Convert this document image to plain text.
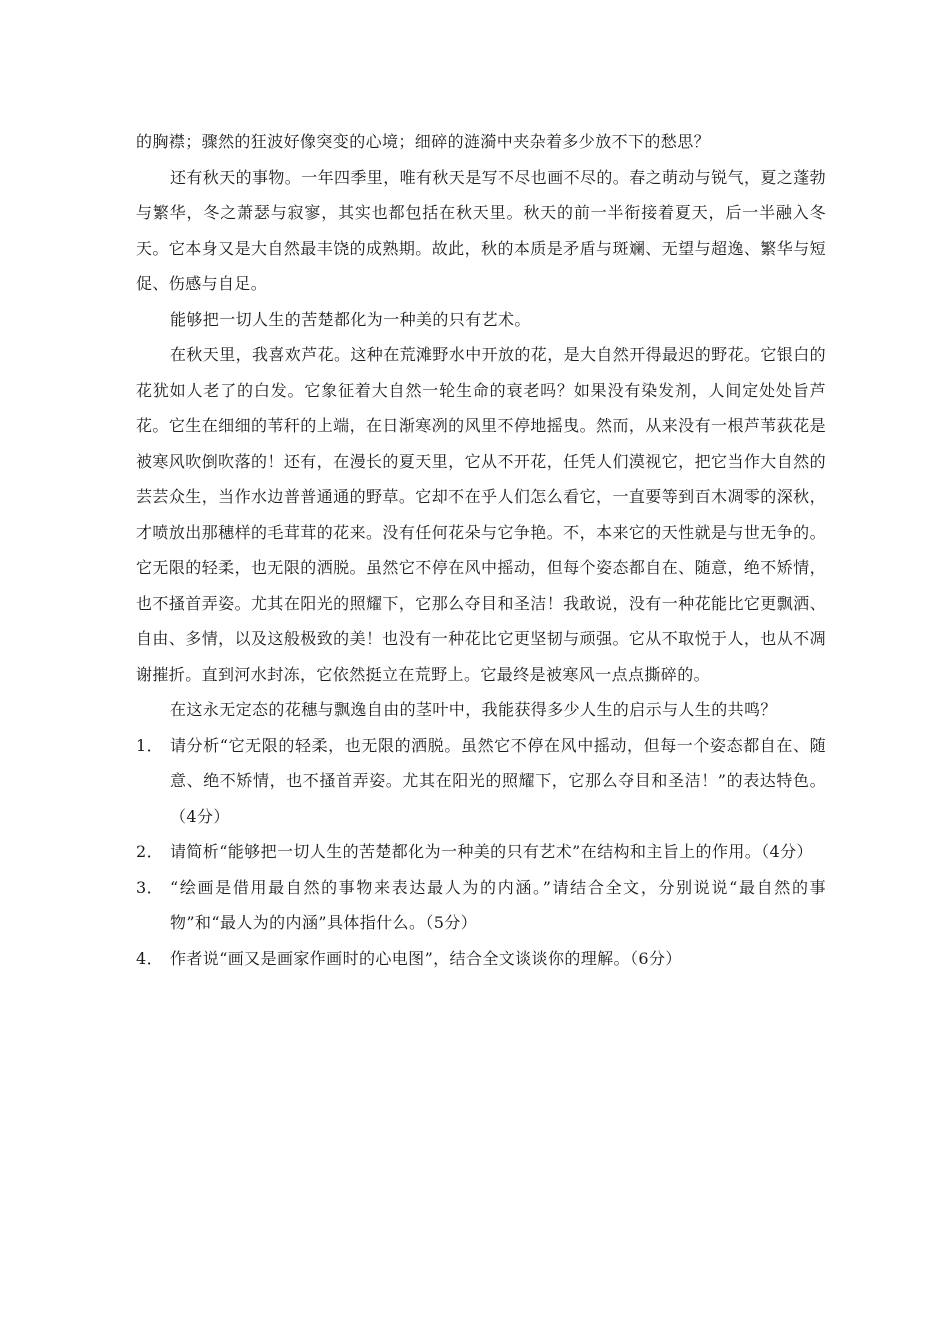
的胸襟；骤然的狂波好像突变的心境；细碎的涟漪中夹杂着多少放不下的愁思？

还有秋天的事物。一年四季里，唯有秋天是写不尽也画不尽的。春之萌动与锐气，夏之蓬勃与繁华，冬之萧瑟与寂寥，其实也都包括在秋天里。秋天的前一半衔接着夏天，后一半融入冬天。它本身又是大自然最丰饶的成熟期。故此，秋的本质是矛盾与斑斓、无望与超逸、繁华与短促、伤感与自足。

能够把一切人生的苦楚都化为一种美的只有艺术。

在秋天里，我喜欢芦花。这种在荒滩野水中开放的花，是大自然开得最迟的野花。它银白的花犹如人老了的白发。它象征着大自然一轮生命的衰老吗？如果没有染发剂，人间定处处旨芦花。它生在细细的苇秆的上端，在日渐寒冽的风里不停地摇曳。然而，从来没有一根芦苇荻花是被寒风吹倒吹落的！还有，在漫长的夏天里，它从不开花，任凭人们漠视它，把它当作大自然的芸芸众生，当作水边普普通通的野草。它却不在乎人们怎么看它，一直要等到百木凋零的深秋，才喷放出那穗样的毛茸茸的花来。没有任何花朵与它争艳。不，本来它的天性就是与世无争的。它无限的轻柔，也无限的洒脱。虽然它不停在风中摇动，但每个姿态都自在、随意，绝不矫情，也不搔首弄姿。尤其在阳光的照耀下，它那么夺目和圣洁！我敢说，没有一种花能比它更飘洒、自由、多情，以及这般极致的美！也没有一种花比它更坚韧与顽强。它从不取悦于人，也从不凋谢摧折。直到河水封冻，它依然挺立在荒野上。它最终是被寒风一点点撕碎的。

在这永无定态的花穗与飘逸自由的茎叶中，我能获得多少人生的启示与人生的共鸣？

1． 请分析“它无限的轻柔，也无限的洒脱。虽然它不停在风中摇动，但每一个姿态都自在、随意、绝不矫情，也不搔首弄姿。尤其在阳光的照耀下，它那么夺目和圣洁！”的表达特色。（4分）
2． 请简析“能够把一切人生的苦楚都化为一种美的只有艺术”在结构和主旨上的作用。（4分）
3． “绘画是借用最自然的事物来表达最人为的内涵。”请结合全文，分别说说“最自然的事物”和“最人为的内涵”具体指什么。（5分）
4． 作者说“画又是画家作画时的心电图”，结合全文谈谈你的理解。（6分）
